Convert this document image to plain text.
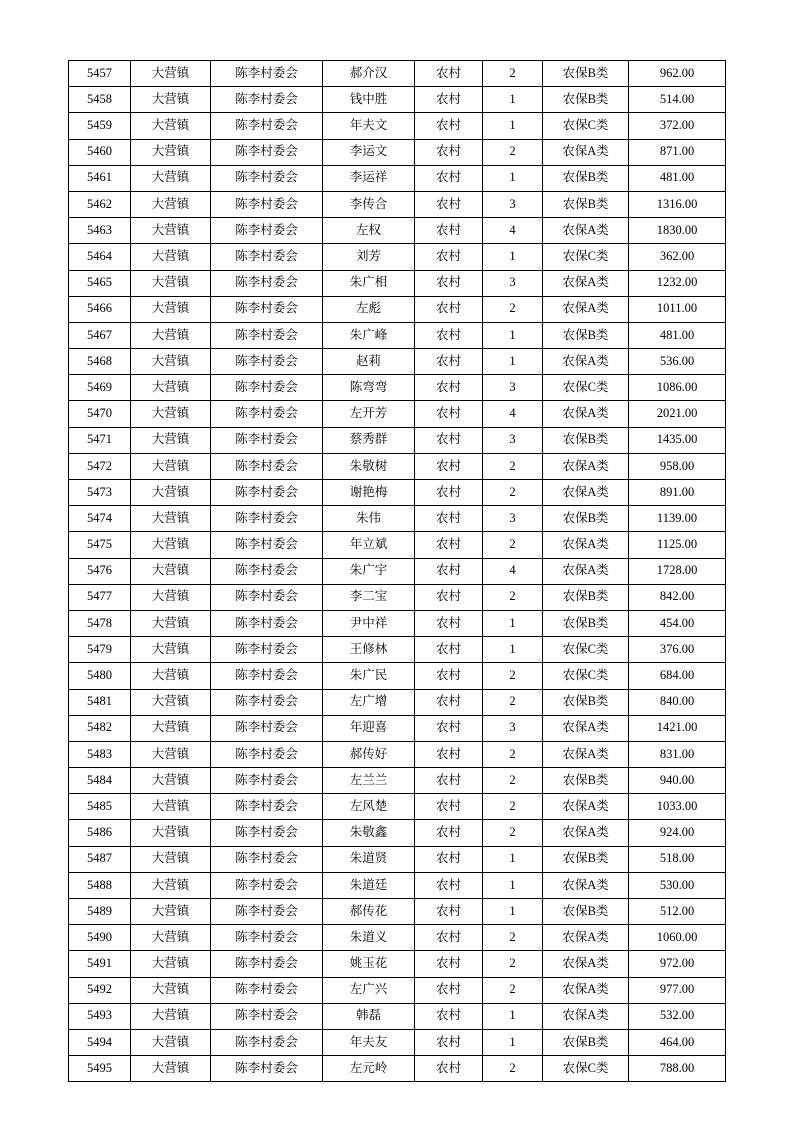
5457	大营镇	陈李村委会	郝介汉	农村	2	农保B类	962.00
5458	大营镇	陈李村委会	钱中胜	农村	1	农保B类	514.00
5459	大营镇	陈李村委会	年夫文	农村	1	农保C类	372.00
5460	大营镇	陈李村委会	李运文	农村	2	农保A类	871.00
5461	大营镇	陈李村委会	李运祥	农村	1	农保B类	481.00
5462	大营镇	陈李村委会	李传合	农村	3	农保B类	1316.00
5463	大营镇	陈李村委会	左权	农村	4	农保A类	1830.00
5464	大营镇	陈李村委会	刘芳	农村	1	农保C类	362.00
5465	大营镇	陈李村委会	朱广相	农村	3	农保A类	1232.00
5466	大营镇	陈李村委会	左彪	农村	2	农保A类	1011.00
5467	大营镇	陈李村委会	朱广峰	农村	1	农保B类	481.00
5468	大营镇	陈李村委会	赵莉	农村	1	农保A类	536.00
5469	大营镇	陈李村委会	陈弯弯	农村	3	农保C类	1086.00
5470	大营镇	陈李村委会	左开芳	农村	4	农保A类	2021.00
5471	大营镇	陈李村委会	蔡秀群	农村	3	农保B类	1435.00
5472	大营镇	陈李村委会	朱敬树	农村	2	农保A类	958.00
5473	大营镇	陈李村委会	谢艳梅	农村	2	农保A类	891.00
5474	大营镇	陈李村委会	朱伟	农村	3	农保B类	1139.00
5475	大营镇	陈李村委会	年立斌	农村	2	农保A类	1125.00
5476	大营镇	陈李村委会	朱广宇	农村	4	农保A类	1728.00
5477	大营镇	陈李村委会	李二宝	农村	2	农保B类	842.00
5478	大营镇	陈李村委会	尹中祥	农村	1	农保B类	454.00
5479	大营镇	陈李村委会	王修林	农村	1	农保C类	376.00
5480	大营镇	陈李村委会	朱广民	农村	2	农保C类	684.00
5481	大营镇	陈李村委会	左广增	农村	2	农保B类	840.00
5482	大营镇	陈李村委会	年迎喜	农村	3	农保A类	1421.00
5483	大营镇	陈李村委会	郝传好	农村	2	农保A类	831.00
5484	大营镇	陈李村委会	左兰兰	农村	2	农保B类	940.00
5485	大营镇	陈李村委会	左风楚	农村	2	农保A类	1033.00
5486	大营镇	陈李村委会	朱敬鑫	农村	2	农保A类	924.00
5487	大营镇	陈李村委会	朱道贤	农村	1	农保B类	518.00
5488	大营镇	陈李村委会	朱道廷	农村	1	农保A类	530.00
5489	大营镇	陈李村委会	郝传花	农村	1	农保B类	512.00
5490	大营镇	陈李村委会	朱道义	农村	2	农保A类	1060.00
5491	大营镇	陈李村委会	姚玉花	农村	2	农保A类	972.00
5492	大营镇	陈李村委会	左广兴	农村	2	农保A类	977.00
5493	大营镇	陈李村委会	韩磊	农村	1	农保A类	532.00
5494	大营镇	陈李村委会	年夫友	农村	1	农保B类	464.00
5495	大营镇	陈李村委会	左元岭	农村	2	农保C类	788.00
